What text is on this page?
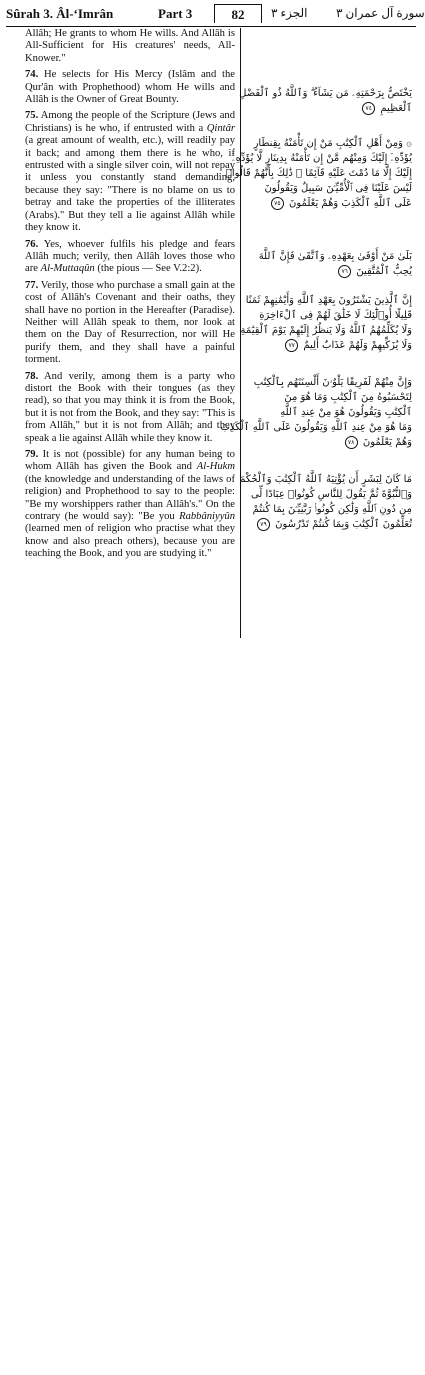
Sûrah 3. Âl-‘Imrân	Part 3	82	الجزء ٣ سورة آل عمران ٣

Allâh; He grants to whom He wills. And Allâh is All-Sufficient for His creatures' needs, All-Knower."

74. He selects for His Mercy (Islâm and the Qur'ân with Prophethood) whom He wills and Allâh is the Owner of Great Bounty.

75. Among the people of the Scripture (Jews and Christians) is he who, if entrusted with a Qintâr (a great amount of wealth, etc.), will readily pay it back; and among them there is he who, if entrusted with a single silver coin, will not repay it unless you constantly stand demanding, because they say: "There is no blame on us to betray and take the properties of the illiterates (Arabs)." But they tell a lie against Allâh while they know it.

76. Yes, whoever fulfils his pledge and fears Allâh much; verily, then Allâh loves those who are Al-Muttaqûn (the pious — See V.2:2).

77. Verily, those who purchase a small gain at the cost of Allâh's Covenant and their oaths, they shall have no portion in the Hereafter (Paradise). Neither will Allâh speak to them, nor look at them on the Day of Resurrection, nor will He purify them, and they shall have a painful torment.

78. And verily, among them is a party who distort the Book with their tongues (as they read), so that you may think it is from the Book, but it is not from the Book, and they say: "This is from Allâh," but it is not from Allâh; and they speak a lie against Allâh while they know it.

79. It is not (possible) for any human being to whom Allâh has given the Book and Al-Hukm (the knowledge and understanding of the laws of religion) and Prophethood to say to the people: "Be my worshippers rather than Allâh's." On the contrary (he would say): "Be you Rabbâniyyûn (learned men of religion who practise what they know and also preach others), because you are teaching the Book, and you are studying it."

يَخْتَصُّ بِرَحْمَتِهِۦ مَن يَشَآءُ ۗ وَٱللَّهُ ذُو ٱلْفَضْلِ
ٱلْعَظِيمِ ٧٤
۞ وَمِنْ أَهْلِ ٱلْكِتَٰبِ مَنْ إِن تَأْمَنْهُ بِقِنطَارٍ
يُؤَدِّهِۦٓ إِلَيْكَ وَمِنْهُم مَّنْ إِن تَأْمَنْهُ بِدِينَارٍ لَّا يُؤَدِّهِۦٓ
إِلَيْكَ إِلَّا مَا دُمْتَ عَلَيْهِ قَآئِمًا ۗ ذَٰلِكَ بِأَنَّهُمْ قَالُوا۟
لَيْسَ عَلَيْنَا فِى ٱلْأُمِّيِّـۧنَ سَبِيلٌ وَيَقُولُونَ
عَلَى ٱللَّهِ ٱلْكَذِبَ وَهُمْ يَعْلَمُونَ ٧٥
بَلَىٰ مَنْ أَوْفَىٰ بِعَهْدِهِۦ وَٱتَّقَىٰ فَإِنَّ ٱللَّهَ
يُحِبُّ ٱلْمُتَّقِينَ ٧٦
إِنَّ ٱلَّذِينَ يَشْتَرُونَ بِعَهْدِ ٱللَّهِ وَأَيْمَٰنِهِمْ ثَمَنًا
قَلِيلًا أُو۟لَٰٓئِكَ لَا خَلَٰقَ لَهُمْ فِى ٱلْءَاخِرَةِ
وَلَا يُكَلِّمُهُمُ ٱللَّهُ وَلَا يَنظُرُ إِلَيْهِمْ يَوْمَ ٱلْقِيَٰمَةِ
وَلَا يُزَكِّيهِمْ وَلَهُمْ عَذَابٌ أَلِيمٌ ٧٧
وَإِنَّ مِنْهُمْ لَفَرِيقًا يَلْوُۥنَ أَلْسِنَتَهُم بِٱلْكِتَٰبِ
لِتَحْسَبُوهُ مِنَ ٱلْكِتَٰبِ وَمَا هُوَ مِنَ
ٱلْكِتَٰبِ وَيَقُولُونَ هُوَ مِنْ عِندِ ٱللَّهِ
وَمَا هُوَ مِنْ عِندِ ٱللَّهِ وَيَقُولُونَ عَلَى ٱللَّهِ ٱلْكَذِبَ
وَهُمْ يَعْلَمُونَ ٧٨
مَا كَانَ لِبَشَرٍ أَن يُؤْتِيَهُ ٱللَّهُ ٱلْكِتَٰبَ وَٱلْحُكْمَ
وَٱلنُّبُوَّةَ ثُمَّ يَقُولَ لِلنَّاسِ كُونُوا۟ عِبَادًا لِّى
مِن دُونِ ٱللَّهِ وَلَٰكِن كُونُوا۟ رَبَّٰنِيِّـۧنَ بِمَا كُنتُمْ
تُعَلِّمُونَ ٱلْكِتَٰبَ وَبِمَا كُنتُمْ تَدْرُسُونَ ٧٩
